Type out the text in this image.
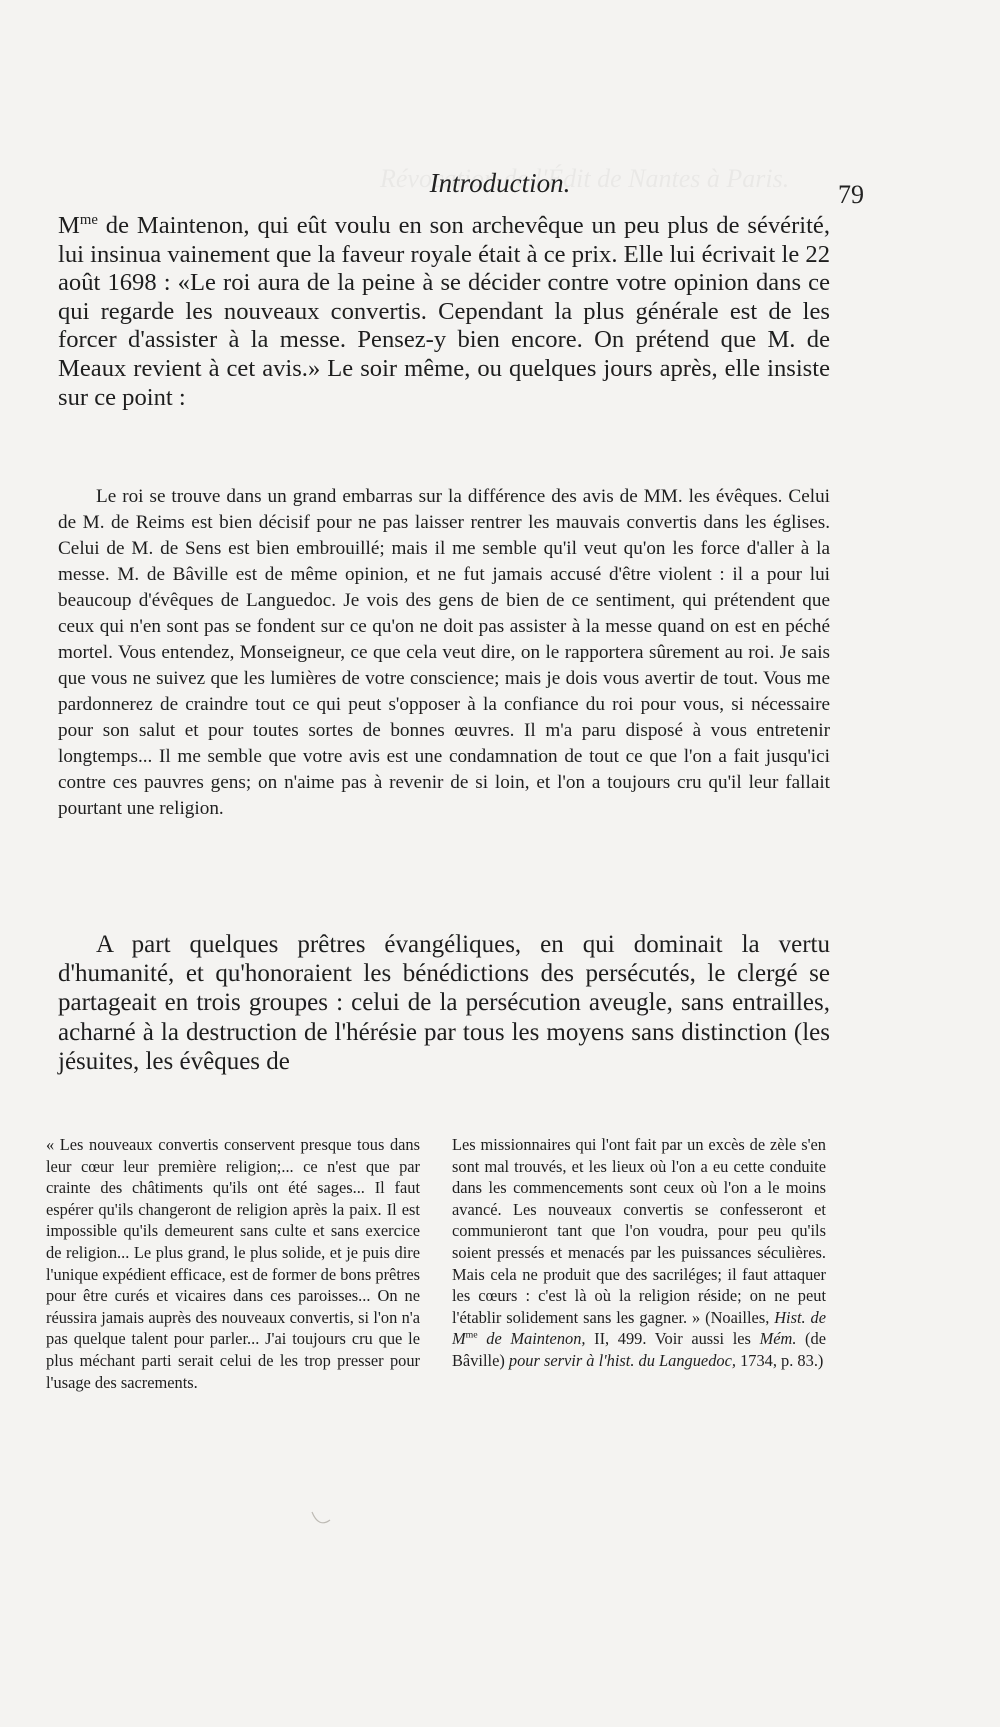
Introduction.	79

$M^{me}$ de Maintenon, qui eût voulu en son archevêque un peu plus de sévérité, lui insinua vainement que la faveur royale était à ce prix. Elle lui écrivait le 22 août 1698 : «Le roi aura de la peine à se décider contre votre opinion dans ce qui regarde les nouveaux convertis. Cependant la plus générale est de les forcer d'assister à la messe. Pensez-y bien encore. On prétend que M. de Meaux revient à cet avis.» Le soir même, ou quelques jours après, elle insiste sur ce point :

Le roi se trouve dans un grand embarras sur la différence des avis de MM. les évêques. Celui de M. de Reims est bien décisif pour ne pas laisser rentrer les mauvais convertis dans les églises. Celui de M. de Sens est bien embrouillé; mais il me semble qu'il veut qu'on les force d'aller à la messe. M. de Bâville est de même opinion, et ne fut jamais accusé d'être violent : il a pour lui beaucoup d'évêques de Languedoc. Je vois des gens de bien de ce sentiment, qui prétendent que ceux qui n'en sont pas se fondent sur ce qu'on ne doit pas assister à la messe quand on est en péché mortel. Vous entendez, Monseigneur, ce que cela veut dire, on le rapportera sûrement au roi. Je sais que vous ne suivez que les lumières de votre conscience; mais je dois vous avertir de tout. Vous me pardonnerez de craindre tout ce qui peut s'opposer à la confiance du roi pour vous, si nécessaire pour son salut et pour toutes sortes de bonnes œuvres. Il m'a paru disposé à vous entretenir longtemps... Il me semble que votre avis est une condamnation de tout ce que l'on a fait jusqu'ici contre ces pauvres gens; on n'aime pas à revenir de si loin, et l'on a toujours cru qu'il leur fallait pourtant une religion.

A part quelques prêtres évangéliques, en qui dominait la vertu d'humanité, et qu'honoraient les bénédictions des persécutés, le clergé se partageait en trois groupes : celui de la persécution aveugle, sans entrailles, acharné à la destruction de l'hérésie par tous les moyens sans distinction (les jésuites, les évêques de

« Les nouveaux convertis conservent presque tous dans leur cœur leur première religion;... ce n'est que par crainte des châtiments qu'ils ont été sages... Il faut espérer qu'ils changeront de religion après la paix. Il est impossible qu'ils demeurent sans culte et sans exercice de religion... Le plus grand, le plus solide, et je puis dire l'unique expédient efficace, est de former de bons prêtres pour être curés et vicaires dans ces paroisses... On ne réussira jamais auprès des nouveaux convertis, si l'on n'a pas quelque talent pour parler... J'ai toujours cru que le plus méchant parti serait celui de les trop presser pour l'usage des sacrements.

Les missionnaires qui l'ont fait par un excès de zèle s'en sont mal trouvés, et les lieux où l'on a eu cette conduite dans les commencements sont ceux où l'on a le moins avancé. Les nouveaux convertis se confesseront et communieront tant que l'on voudra, pour peu qu'ils soient pressés et menacés par les puissances séculières. Mais cela ne produit que des sacriléges; il faut attaquer les cœurs : c'est là où la religion réside; on ne peut l'établir solidement sans les gagner. » (Noailles, Hist. de $M^{me}$ de Maintenon, II, 499. Voir aussi les Mém. (de Bâville) pour servir à l'hist. du Languedoc, 1734, p. 83.)
